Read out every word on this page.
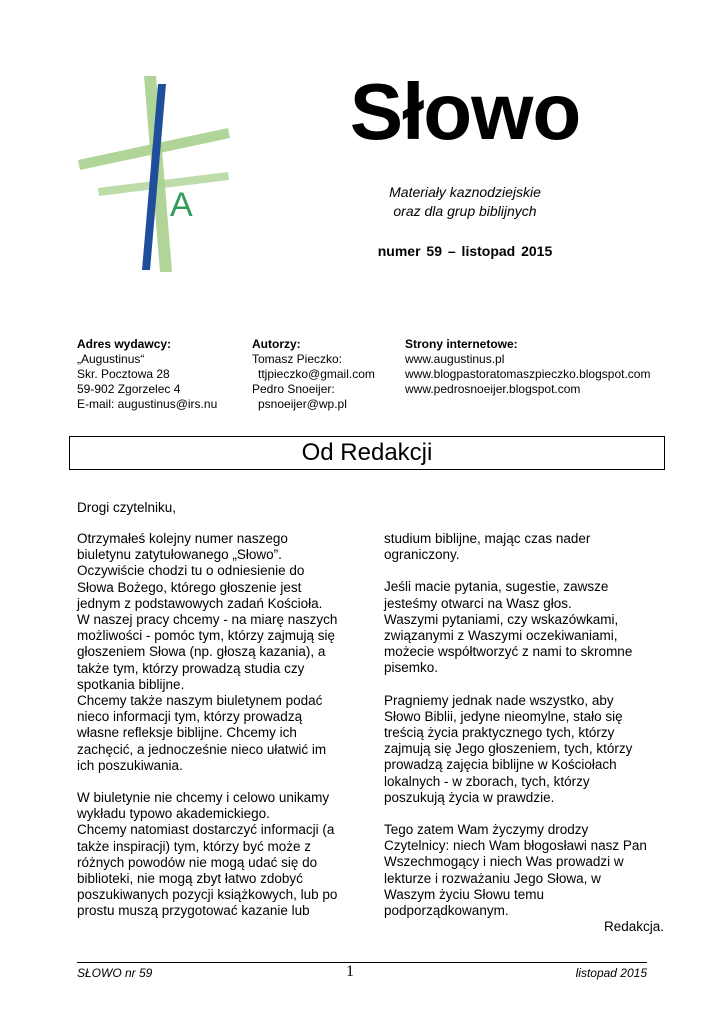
A
Słowo
Materiały kaznodziejskie
oraz dla grup biblijnych
numer 59 – listopad 2015
Adres wydawcy:
„Augustinus“
Skr. Pocztowa 28
59-902 Zgorzelec 4
E-mail: augustinus@irs.nu
Autorzy:
Tomasz Pieczko:
ttjpieczko@gmail.com
Pedro Snoeijer:
psnoeijer@wp.pl
Strony internetowe:
www.augustinus.pl
www.blogpastoratomaszpieczko.blogspot.com
www.pedrosnoeijer.blogspot.com
Od Redakcji
Drogi czytelniku,

Otrzymałeś kolejny numer naszego
biuletynu zatytułowanego „Słowo”.
Oczywiście chodzi tu o odniesienie do
Słowa Bożego, którego głoszenie jest
jednym z podstawowych zadań Kościoła.
W naszej pracy chcemy - na miarę naszych
możliwości - pomóc tym, którzy zajmują się
głoszeniem Słowa (np. głoszą kazania), a
także tym, którzy prowadzą studia czy
spotkania biblijne.
Chcemy także naszym biuletynem podać
nieco informacji tym, którzy prowadzą
własne refleksje biblijne. Chcemy ich
zachęcić, a jednocześnie nieco ułatwić im
ich poszukiwania.

W biuletynie nie chcemy i celowo unikamy
wykładu typowo akademickiego.
Chcemy natomiast dostarczyć informacji (a
także inspiracji) tym, którzy być może z
różnych powodów nie mogą udać się do
biblioteki, nie mogą zbyt łatwo zdobyć
poszukiwanych pozycji książkowych, lub po
prostu muszą przygotować kazanie lub

studium biblijne, mając czas nader
ograniczony.

Jeśli macie pytania, sugestie, zawsze
jesteśmy otwarci na Wasz głos.
Waszymi pytaniami, czy wskazówkami,
związanymi z Waszymi oczekiwaniami,
możecie współtworzyć z nami to skromne
pisemko.

Pragniemy jednak nade wszystko, aby
Słowo Biblii, jedyne nieomylne, stało się
treścią życia praktycznego tych, którzy
zajmują się Jego głoszeniem, tych, którzy
prowadzą zajęcia biblijne w Kościołach
lokalnych - w zborach, tych, którzy
poszukują życia w prawdzie.

Tego zatem Wam życzymy drodzy
Czytelnicy: niech Wam błogosławi nasz Pan
Wszechmogący i niech Was prowadzi w
lekturze i rozważaniu Jego Słowa, w
Waszym życiu Słowu temu
podporządkowanym.

Redakcja.

SŁOWO nr 59	1	listopad 2015
